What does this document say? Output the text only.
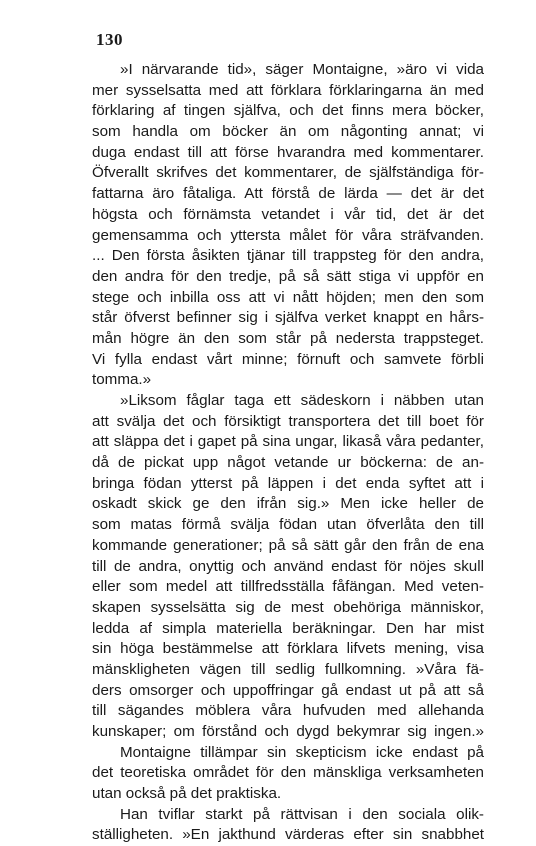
130
»I närvarande tid», säger Montaigne, »äro vi vida
mer sysselsatta med att förklara förklaringarna än med
förklaring af tingen själfva, och det finns mera böcker,
som handla om böcker än om någonting annat; vi
duga endast till att förse hvarandra med kommentarer.
Öfverallt skrifves det kommentarer, de själfständiga för-
fattarna äro fåtaliga. Att förstå de lärda — det är det
högsta och förnämsta vetandet i vår tid, det är det
gemensamma och yttersta målet för våra sträfvanden.
... Den första åsikten tjänar till trappsteg för den andra,
den andra för den tredje, på så sätt stiga vi uppför en
stege och inbilla oss att vi nått höjden; men den som
står öfverst befinner sig i själfva verket knappt en hårs-
mån högre än den som står på nedersta trappsteget.
Vi fylla endast vårt minne; förnuft och samvete förbli
tomma.»
»Liksom fåglar taga ett sädeskorn i näbben utan
att svälja det och försiktigt transportera det till boet för
att släppa det i gapet på sina ungar, likaså våra pedanter,
då de pickat upp något vetande ur böckerna: de an-
bringa födan ytterst på läppen i det enda syftet att i
oskadt skick ge den ifrån sig.» Men icke heller de
som matas förmå svälja födan utan öfverlåta den till
kommande generationer; på så sätt går den från de ena
till de andra, onyttig och använd endast för nöjes skull
eller som medel att tillfredsställa fåfängan. Med veten-
skapen sysselsätta sig de mest obehöriga människor,
ledda af simpla materiella beräkningar. Den har mist
sin höga bestämmelse att förklara lifvets mening, visa
mänskligheten vägen till sedlig fullkomning. »Våra fä-
ders omsorger och uppoffringar gå endast ut på att så
till sägandes möblera våra hufvuden med allehanda
kunskaper; om förstånd och dygd bekymrar sig ingen.»
Montaigne tillämpar sin skepticism icke endast på
det teoretiska området för den mänskliga verksamheten
utan också på det praktiska.
Han tviflar starkt på rättvisan i den sociala olik-
ställigheten. »En jakthund värderas efter sin snabbhet
